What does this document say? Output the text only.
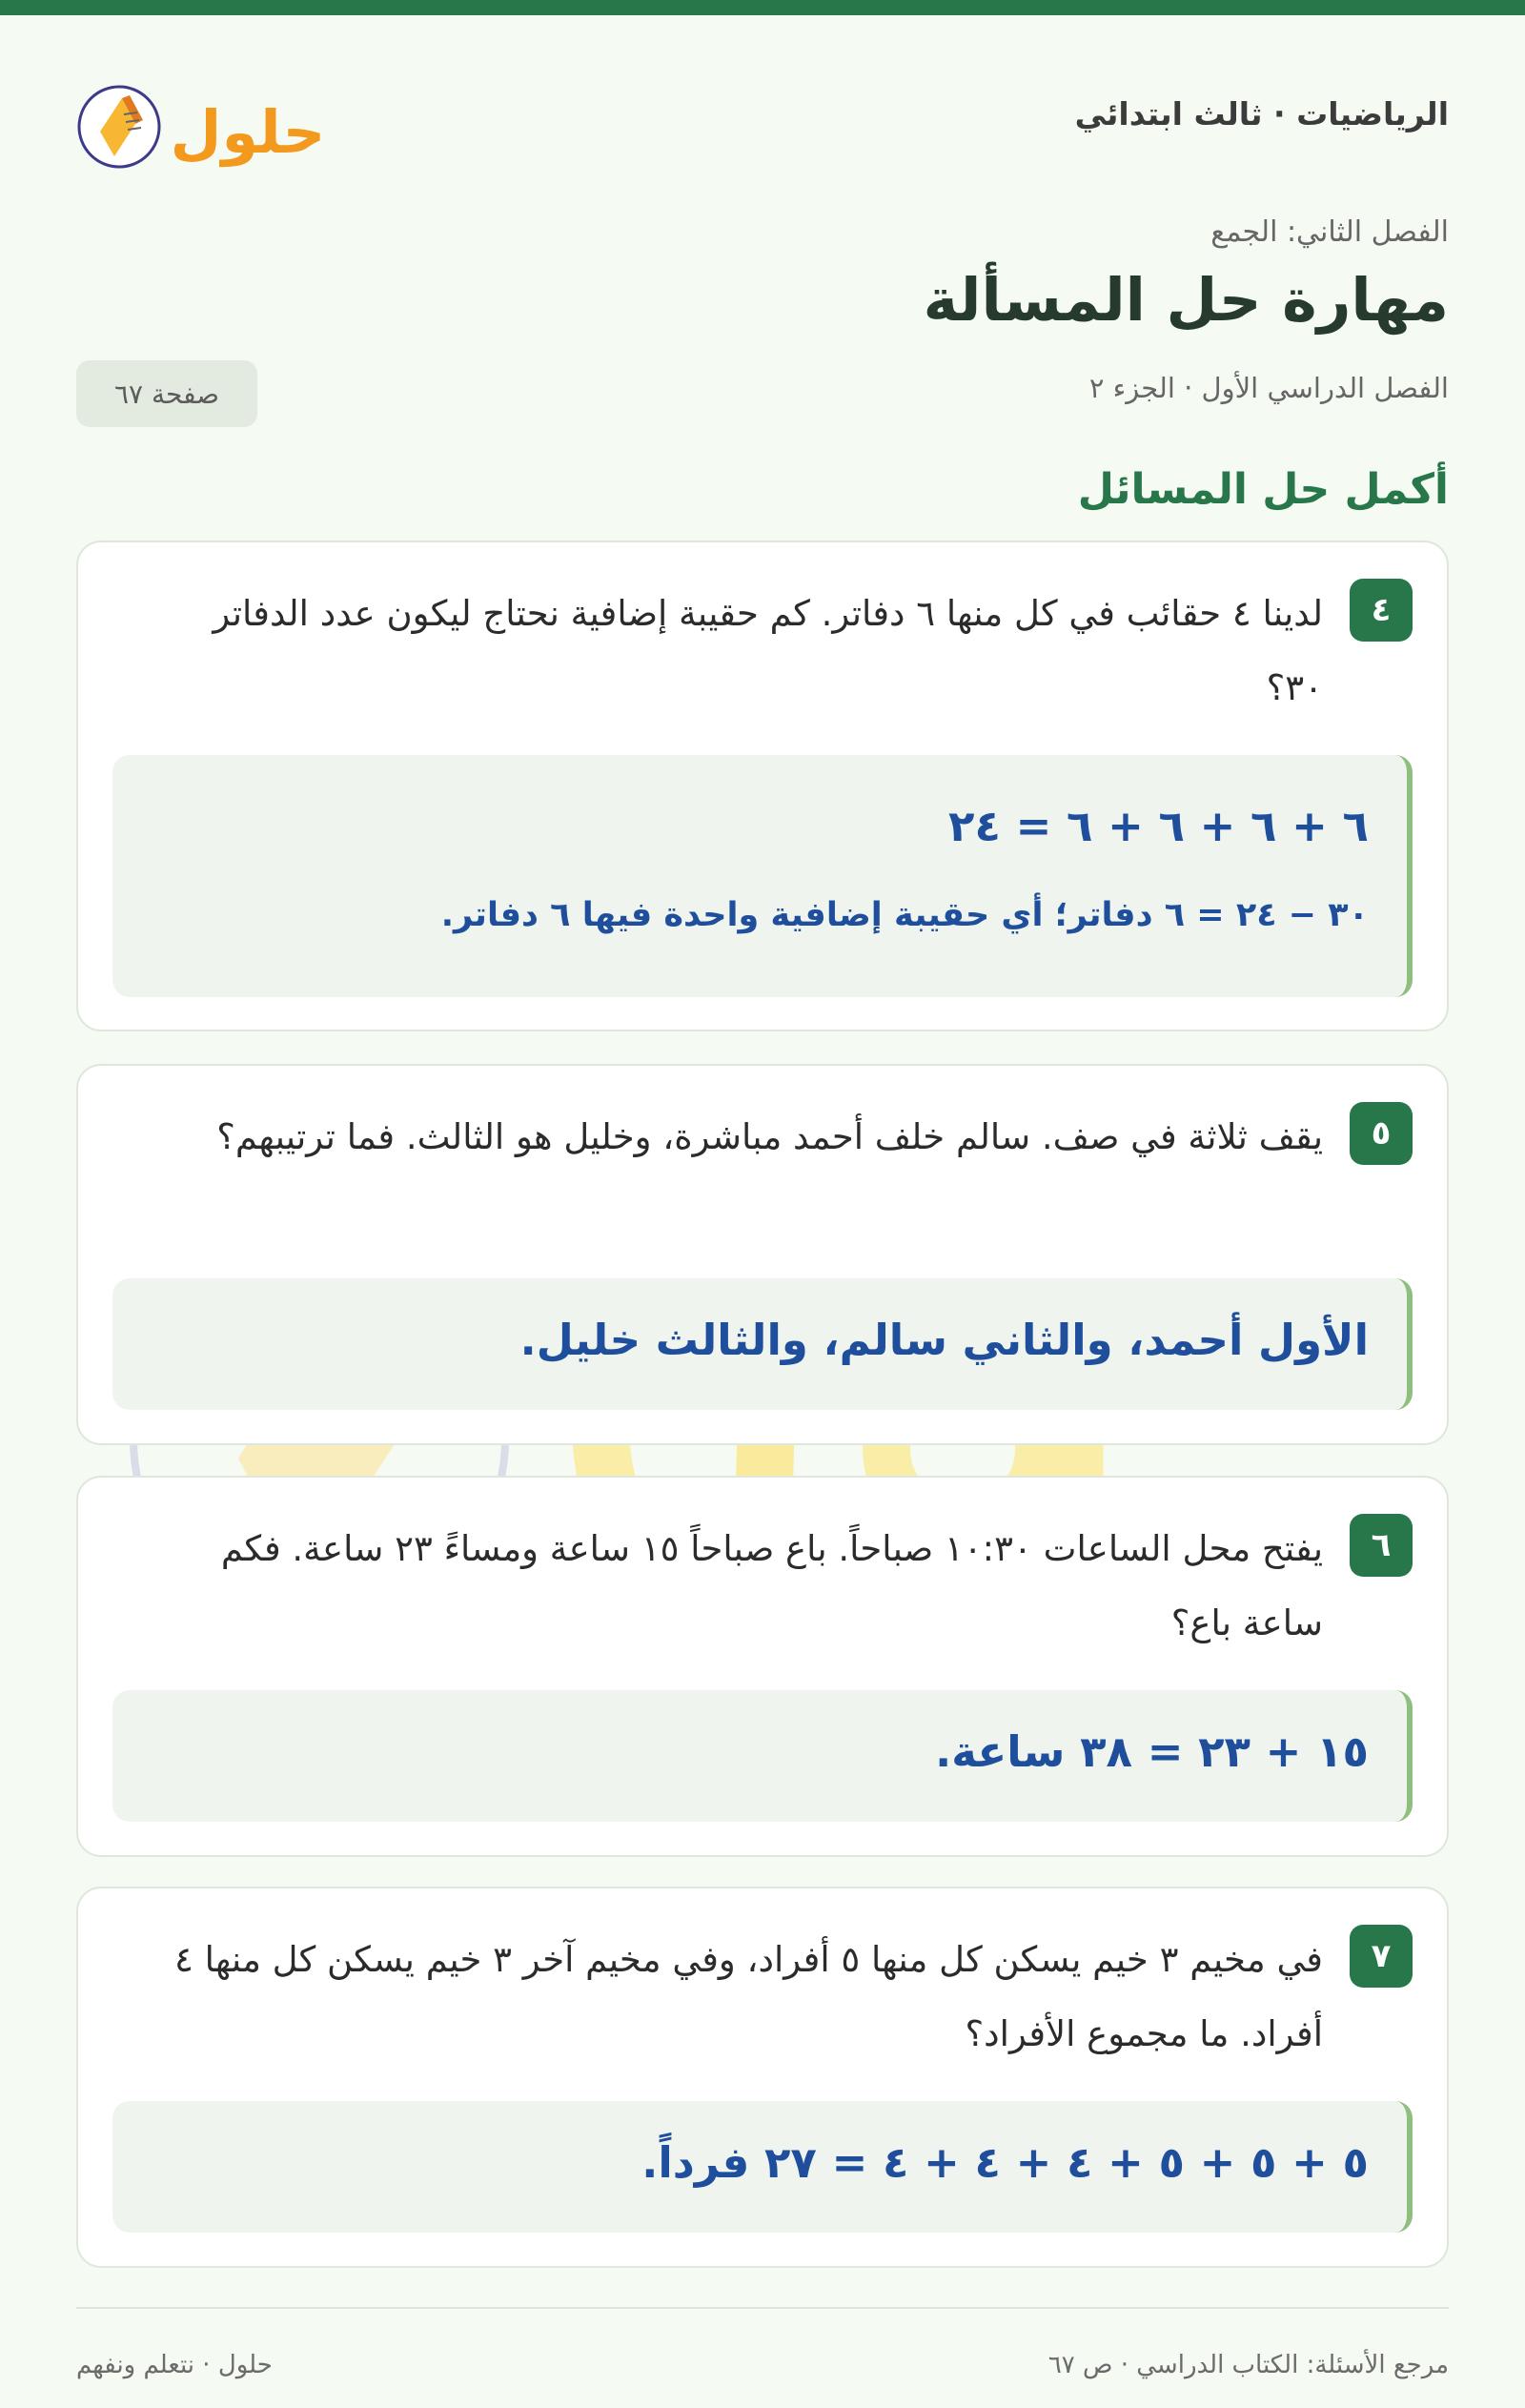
الرياضيات · ثالث ابتدائي
حلول
الفصل الثاني: الجمع
مهارة حل المسألة
الفصل الدراسي الأول · الجزء ٢
صفحة ٦٧
أكمل حل المسائل
٤
لدينا ٤ حقائب في كل منها ٦ دفاتر. كم حقيبة إضافية نحتاج ليكون عدد الدفاتر ٣٠؟
٦ + ٦ + ٦ + ٦ = ٢٤
٣٠ − ٢٤ = ٦ دفاتر؛ أي حقيبة إضافية واحدة فيها ٦ دفاتر.
٥
يقف ثلاثة في صف. سالم خلف أحمد مباشرة، وخليل هو الثالث. فما ترتيبهم؟
الأول أحمد، والثاني سالم، والثالث خليل.
٦
يفتح محل الساعات ١٠:٣٠ صباحاً. باع صباحاً ١٥ ساعة ومساءً ٢٣ ساعة. فكم ساعة باع؟
١٥ + ٢٣ = ٣٨ ساعة.
٧
في مخيم ٣ خيم يسكن كل منها ٥ أفراد، وفي مخيم آخر ٣ خيم يسكن كل منها ٤ أفراد. ما مجموع الأفراد؟
٥ + ٥ + ٥ + ٤ + ٤ + ٤ = ٢٧ فرداً.
مرجع الأسئلة: الكتاب الدراسي · ص ٦٧
حلول · نتعلم ونفهم
